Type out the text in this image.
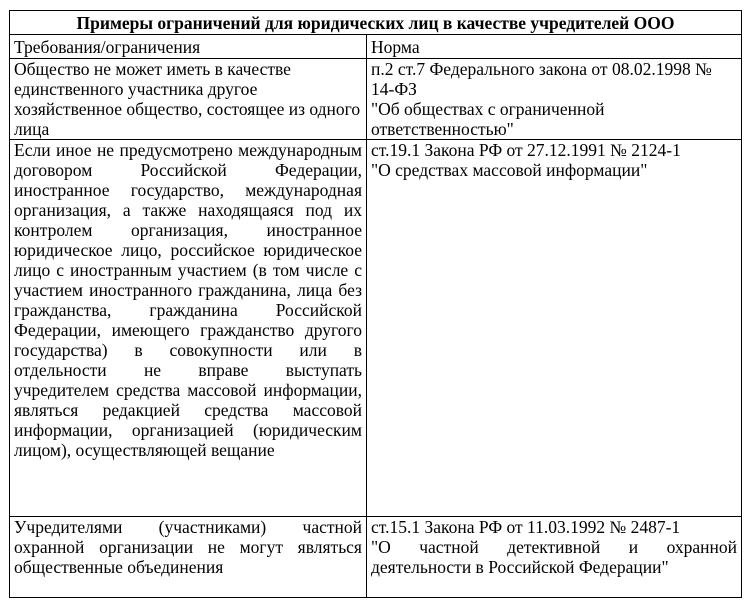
Примеры ограничений для юридических лиц в качестве учредителей ООО	
Требования/ограничения	Норма
Общество не может иметь в качестве единственного участника другое хозяйственное общество, состоящее из одного лица	п.2 ст.7 Федерального закона от 08.02.1998 № 14-ФЗ
"Об обществах с ограниченной ответственностью"

Если иное не предусмотрено международным договором Российской Федерации, иностранное государство, международная организация, а также находящаяся под их контролем организация, иностранное юридическое лицо, российское юридическое лицо с иностранным участием (в том числе с участием иностранного гражданина, лица без гражданства, гражданина Российской Федерации, имеющего гражданство другого государства) в совокупности или в отдельности не вправе выступать учредителем средства массовой информации, являться редакцией средства массовой информации, организацией (юридическим лицом), осуществляющей вещание	ст.19.1 Закона РФ от 27.12.1991 № 2124-1
"О средствах массовой информации"

Учредителями (участниками) частной охранной организации не могут являться общественные объединения	ст.15.1 Закона РФ от 11.03.1992 № 2487-1
"О частной детективной и охранной деятельности в Российской Федерации"
